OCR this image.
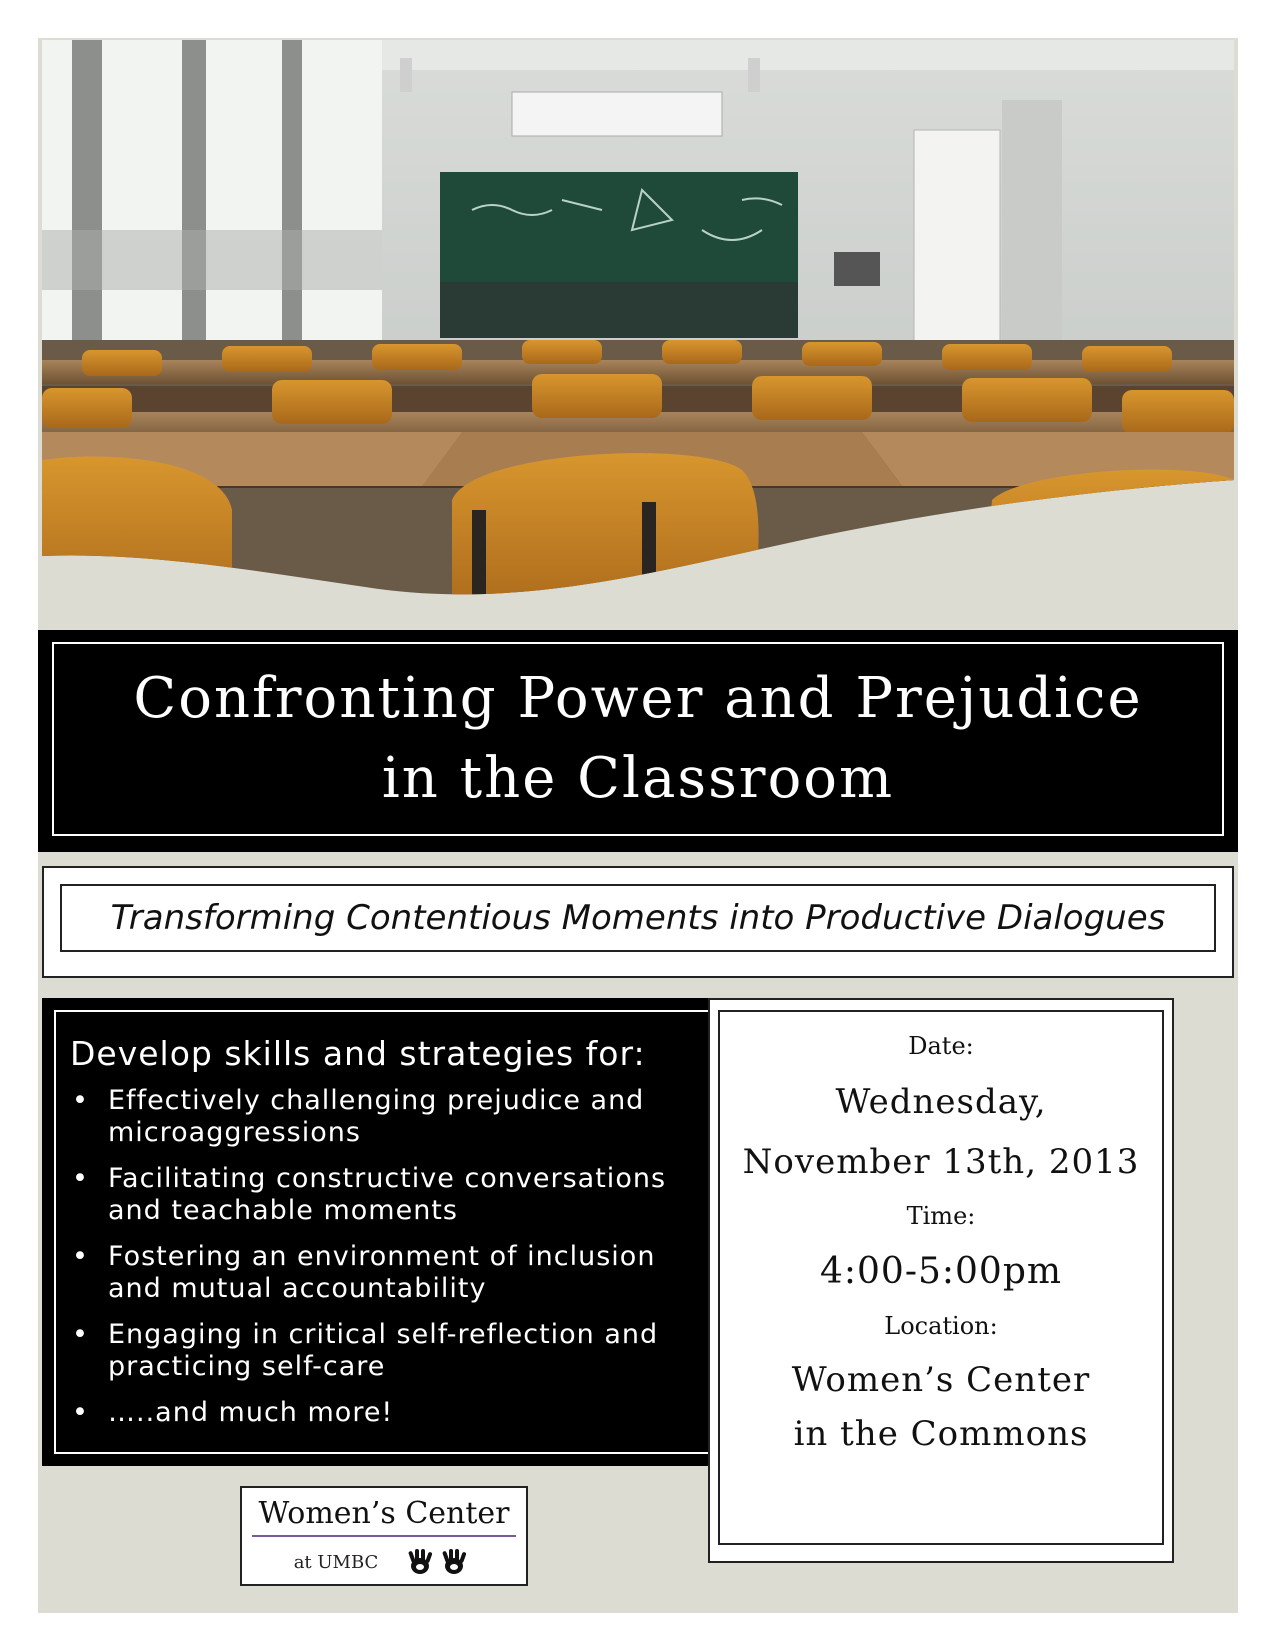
Confronting Power and Prejudice
in the Classroom
Transforming Contentious Moments into Productive Dialogues
Develop skills and strategies for:
• Effectively challenging prejudice and microaggressions
• Facilitating constructive conversations and teachable moments
• Fostering an environment of inclusion and mutual accountability
• Engaging in critical self-reflection and practicing self-care
• …..and much more!
Women’s Center
at UMBC
Date:
Wednesday,
November 13th, 2013
Time:
4:00-5:00pm
Location:
Women’s Center
in the Commons
